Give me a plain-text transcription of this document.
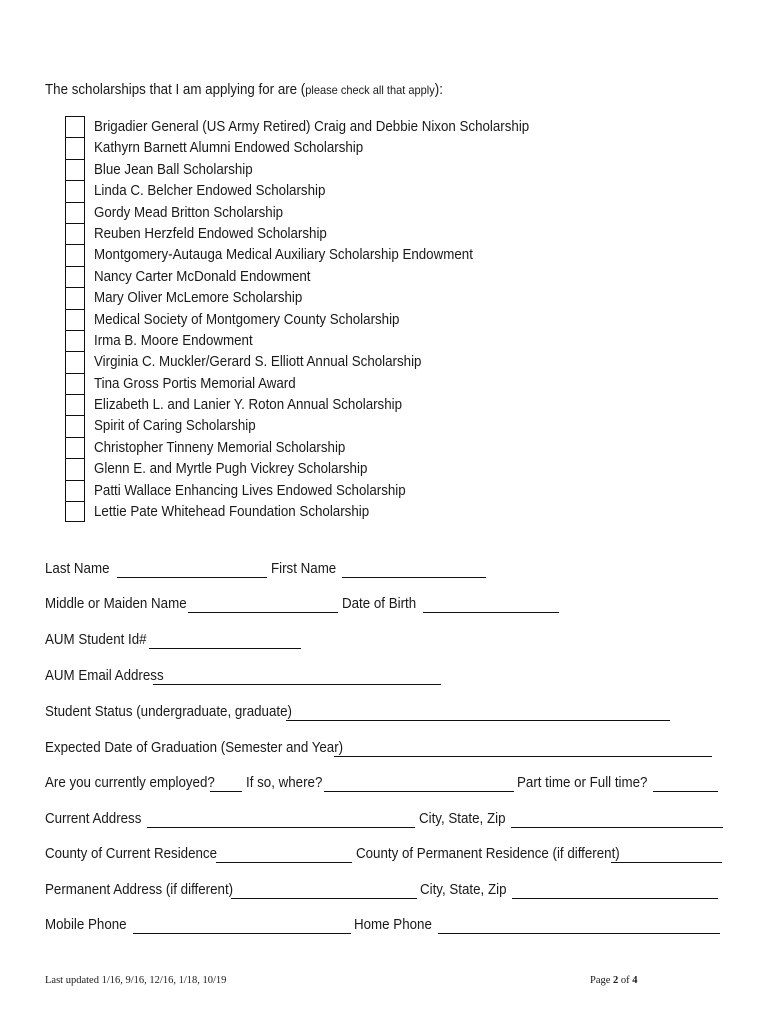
The scholarships that I am applying for are (please check all that apply):
Brigadier General (US Army Retired) Craig and Debbie Nixon Scholarship
Kathyrn Barnett Alumni Endowed Scholarship
Blue Jean Ball Scholarship
Linda C. Belcher Endowed Scholarship
Gordy Mead Britton Scholarship
Reuben Herzfeld Endowed Scholarship
Montgomery-Autauga Medical Auxiliary Scholarship Endowment
Nancy Carter McDonald Endowment
Mary Oliver McLemore Scholarship
Medical Society of Montgomery County Scholarship
Irma B. Moore Endowment
Virginia C. Muckler/Gerard S. Elliott Annual Scholarship
Tina Gross Portis Memorial Award
Elizabeth L. and Lanier Y. Roton Annual Scholarship
Spirit of Caring Scholarship
Christopher Tinneny Memorial Scholarship
Glenn E. and Myrtle Pugh Vickrey Scholarship
Patti Wallace Enhancing Lives Endowed Scholarship
Lettie Pate Whitehead Foundation Scholarship
Last Name	First Name
Middle or Maiden Name	Date of Birth
AUM Student Id#
AUM Email Address
Student Status (undergraduate, graduate)
Expected Date of Graduation (Semester and Year)
Are you currently employed? If so, where?	Part time or Full time?
Current Address	City, State, Zip
County of Current Residence	County of Permanent Residence (if different)
Permanent Address (if different)	City, State, Zip
Mobile Phone	Home Phone
Last updated 1/16, 9/16, 12/16, 1/18, 10/19	Page 2 of 4
